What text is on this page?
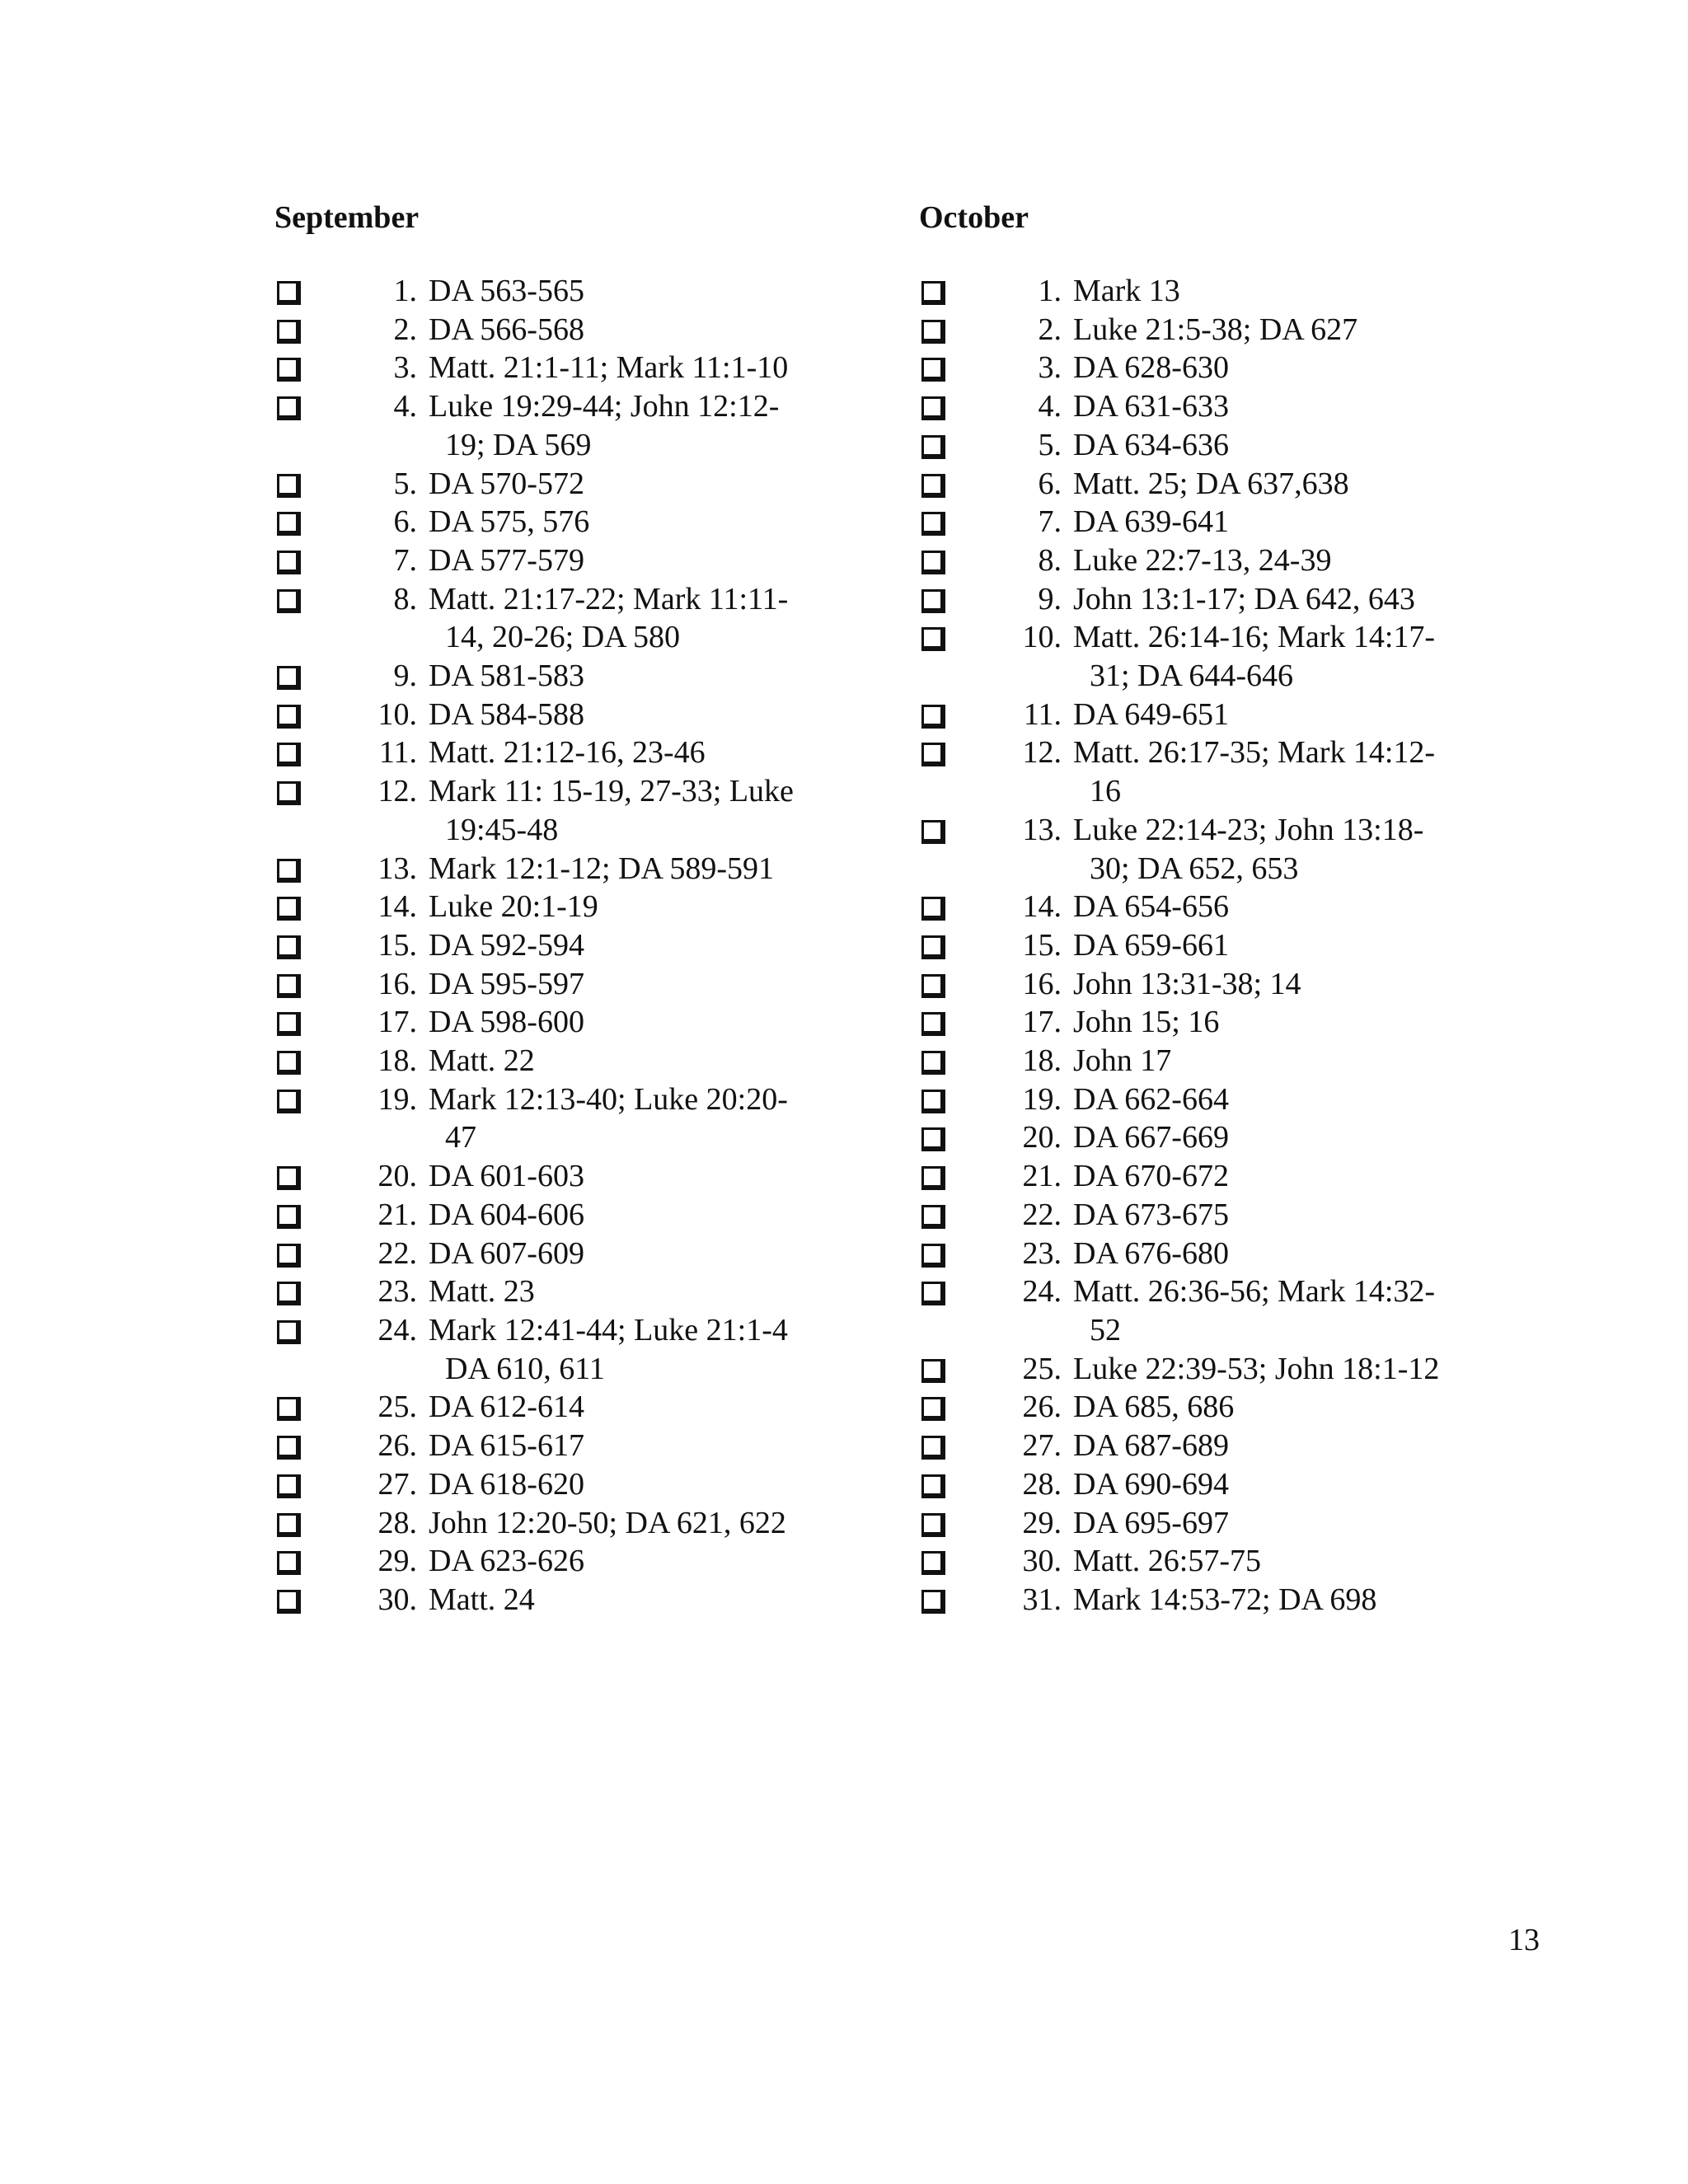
September
1. DA 563-565
2. DA 566-568
3. Matt. 21:1-11; Mark 11:1-10
4. Luke 19:29-44; John 12:12-
19; DA 569
5. DA 570-572
6. DA 575, 576
7. DA 577-579
8. Matt. 21:17-22; Mark 11:11-
14, 20-26; DA 580
9. DA 581-583
10. DA 584-588
11. Matt. 21:12-16, 23-46
12. Mark 11: 15-19, 27-33; Luke
19:45-48
13. Mark 12:1-12; DA 589-591
14. Luke 20:1-19
15. DA 592-594
16. DA 595-597
17. DA 598-600
18. Matt. 22
19. Mark 12:13-40; Luke 20:20-
47
20. DA 601-603
21. DA 604-606
22. DA 607-609
23. Matt. 23
24. Mark 12:41-44; Luke 21:1-4
DA 610, 611
25. DA 612-614
26. DA 615-617
27. DA 618-620
28. John 12:20-50; DA 621, 622
29. DA 623-626
30. Matt. 24
October
1. Mark 13
2. Luke 21:5-38; DA 627
3. DA 628-630
4. DA 631-633
5. DA 634-636
6. Matt. 25; DA 637,638
7. DA 639-641
8. Luke 22:7-13, 24-39
9. John 13:1-17; DA 642, 643
10. Matt. 26:14-16; Mark 14:17-
31; DA 644-646
11. DA 649-651
12. Matt. 26:17-35; Mark 14:12-
16
13. Luke 22:14-23; John 13:18-
30; DA 652, 653
14. DA 654-656
15. DA 659-661
16. John 13:31-38; 14
17. John 15; 16
18. John 17
19. DA 662-664
20. DA 667-669
21. DA 670-672
22. DA 673-675
23. DA 676-680
24. Matt. 26:36-56; Mark 14:32-
52
25. Luke 22:39-53; John 18:1-12
26. DA 685, 686
27. DA 687-689
28. DA 690-694
29. DA 695-697
30. Matt. 26:57-75
31. Mark 14:53-72; DA 698
13
